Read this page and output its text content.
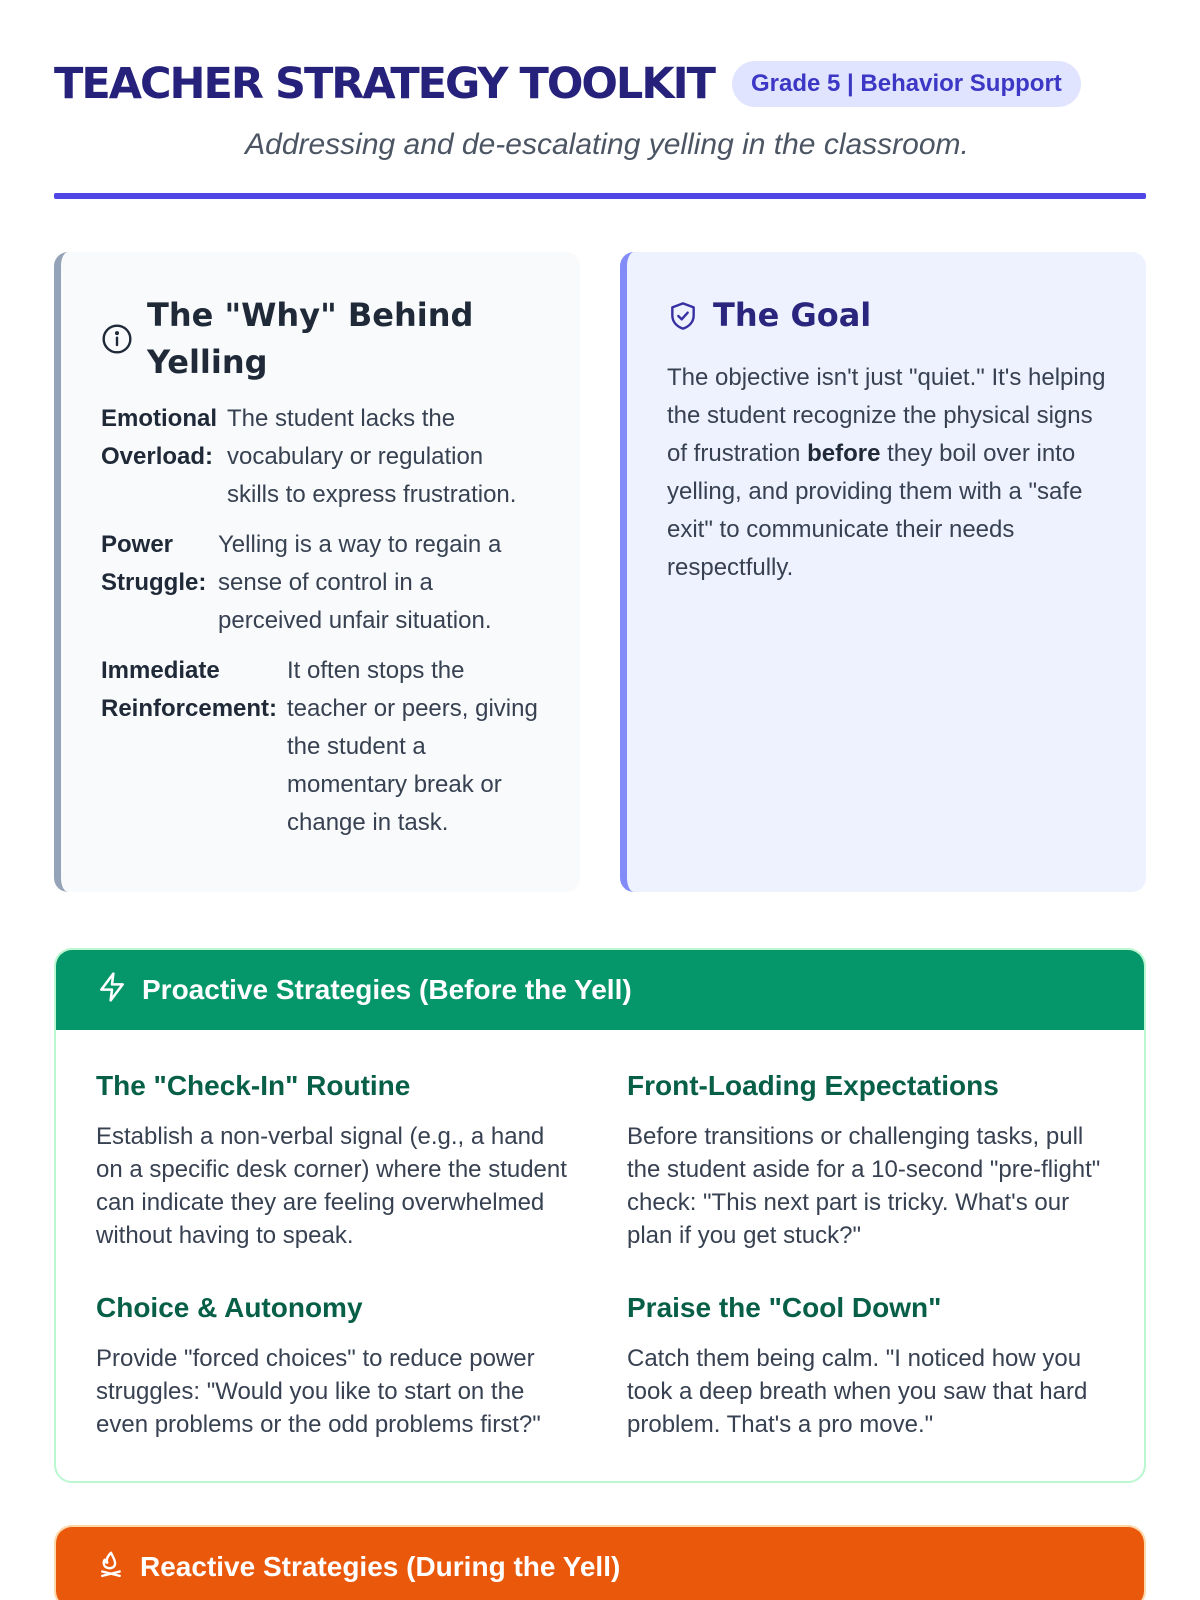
TEACHER STRATEGY TOOLKIT	Grade 5 | Behavior Support

Addressing and de-escalating yelling in the classroom.

The "Why" Behind Yelling
Emotional Overload:
The student lacks the vocabulary or regulation skills to express frustration.
Power Struggle:
Yelling is a way to regain a sense of control in a perceived unfair situation.
Immediate Reinforcement:
It often stops the teacher or peers, giving the student a momentary break or change in task.
The Goal

The objective isn't just "quiet." It's helping the student recognize the physical signs of frustration before they boil over into yelling, and providing them with a "safe exit" to communicate their needs respectfully.

Proactive Strategies (Before the Yell)
The "Check-In" Routine

Establish a non-verbal signal (e.g., a hand on a specific desk corner) where the student can indicate they are feeling overwhelmed without having to speak.

Front-Loading Expectations

Before transitions or challenging tasks, pull the student aside for a 10-second "pre-flight" check: "This next part is tricky. What's our plan if you get stuck?"

Choice & Autonomy

Provide "forced choices" to reduce power struggles: "Would you like to start on the even problems or the odd problems first?"

Praise the "Cool Down"

Catch them being calm. "I noticed how you took a deep breath when you saw that hard problem. That's a pro move."

Reactive Strategies (During the Yell)
